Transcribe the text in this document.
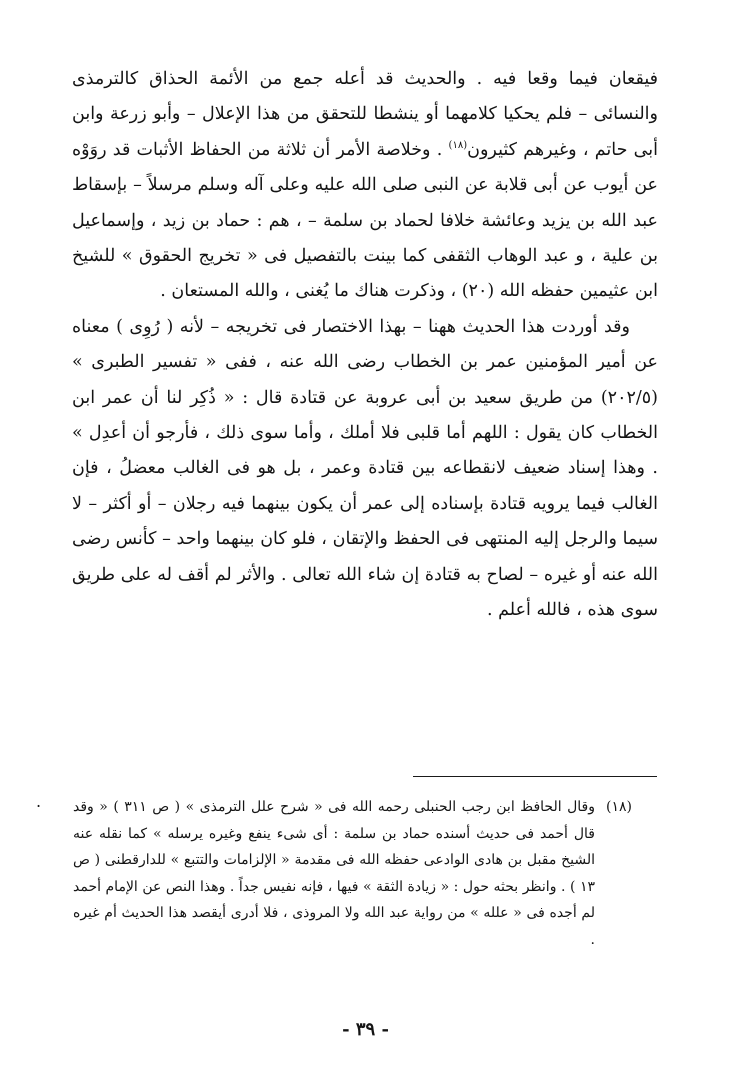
فيقعان فيما وقعا فيه . والحديث قد أعله جمع من الأئمة الحذاق كالترمذى والنسائى – فلم يحكيا كلامهما أو ينشطا للتحقق من هذا الإعلال – وأبو زرعة وابن أبى حاتم ، وغيرهم كثيرون$^{(١٨)}$ . وخلاصة الأمر أن ثلاثة من الحفاظ الأثبات قد روَوْه عن أيوب عن أبى قلابة عن النبى صلى الله عليه وعلى آله وسلم مرسلاً – بإسقاط عبد الله بن يزيد وعائشة خلافا لحماد بن سلمة – ، هم : حماد بن زيد ، وإسماعيل بن علية ، و عبد الوهاب الثقفى كما بينت بالتفصيل فى « تخريج الحقوق » للشيخ ابن عثيمين حفظه الله (٢٠) ، وذكرت هناك ما يُغنى ، والله المستعان .

وقد أوردت هذا الحديث ههنا – بهذا الاختصار فى تخريجه – لأنه ( رُوِى ) معناه عن أمير المؤمنين عمر بن الخطاب رضى الله عنه ، ففى « تفسير الطبرى » (٢٠٢/٥) من طريق سعيد بن أبى عروبة عن قتادة قال : « ذُكِر لنا أن عمر ابن الخطاب كان يقول : اللهم أما قلبى فلا أملك ، وأما سوى ذلك ، فأرجو أن أعدِل » . وهذا إسناد ضعيف لانقطاعه بين قتادة وعمر ، بل هو فى الغالب معضلُ ، فإن الغالب فيما يرويه قتادة بإسناده إلى عمر أن يكون بينهما فيه رجلان – أو أكثر – لا سيما والرجل إليه المنتهى فى الحفظ والإتقان ، فلو كان بينهما واحد – كأنس رضى الله عنه أو غيره – لصاح به قتادة إن شاء الله تعالى . والأثر لم أقف له على طريق سوى هذه ، فالله أعلم .

.	(١٨)
وقال الحافظ ابن رجب الحنبلى رحمه الله فى « شرح علل الترمذى » ( ص ٣١١ ) « وقد قال أحمد فى حديث أسنده حماد بن سلمة : أى شىء ينفع وغيره يرسله » كما نقله عنه الشيخ مقبل بن هادى الوادعى حفظه الله فى مقدمة « الإلزامات والتتبع » للدارقطنى ( ص ١٣ ) . وانظر بحثه حول : « زيادة الثقة » فيها ، فإنه نفيس جداً . وهذا النص عن الإمام أحمد لم أجده فى « علله » من رواية عبد الله ولا المروذى ، فلا أدرى أيقصد هذا الحديث أم غيره .
- ٣٩ -
